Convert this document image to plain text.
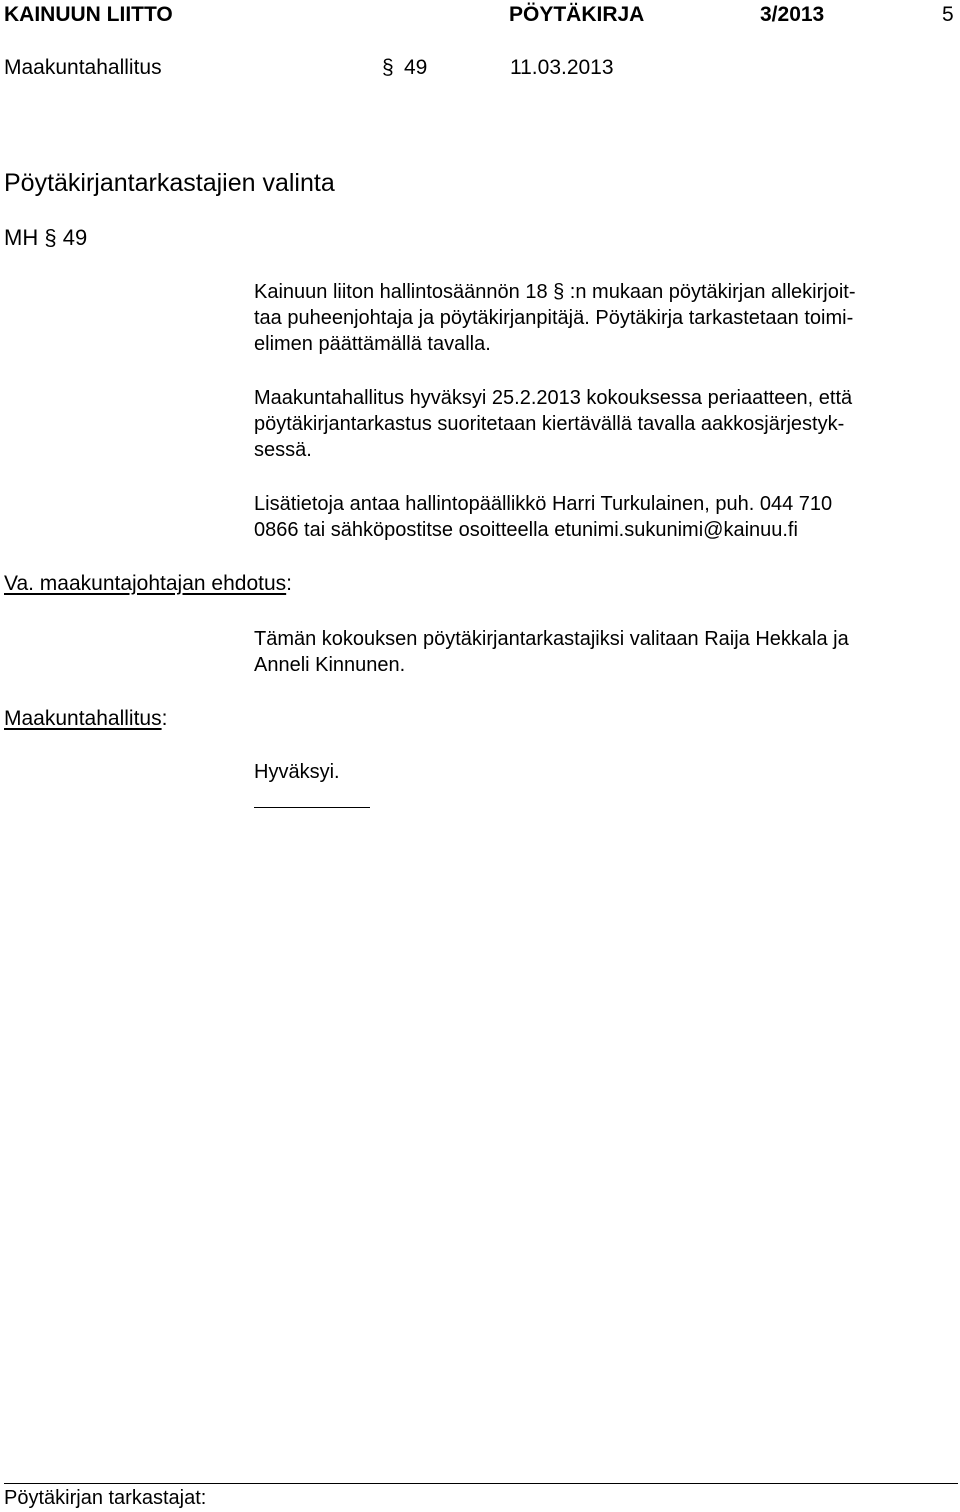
KAINUUN LIITTO	PÖYTÄKIRJA	3/2013	5
Maakuntahallitus	§ 49	11.03.2013
Pöytäkirjantarkastajien valinta
MH § 49
Kainuun liiton hallintosäännön 18 § :n mukaan pöytäkirjan allekirjoit-
taa puheenjohtaja ja pöytäkirjanpitäjä. Pöytäkirja tarkastetaan toimi-
elimen päättämällä tavalla.
Maakuntahallitus hyväksyi 25.2.2013 kokouksessa periaatteen, että
pöytäkirjantarkastus suoritetaan kiertävällä tavalla aakkosjärjestyk-
sessä.
Lisätietoja antaa hallintopäällikkö Harri Turkulainen, puh. 044 710
0866 tai sähköpostitse osoitteella etunimi.sukunimi@kainuu.fi
Va. maakuntajohtajan ehdotus:
Tämän kokouksen pöytäkirjantarkastajiksi valitaan Raija Hekkala ja
Anneli Kinnunen.
Maakuntahallitus:
Hyväksyi.
Pöytäkirjan tarkastajat:
